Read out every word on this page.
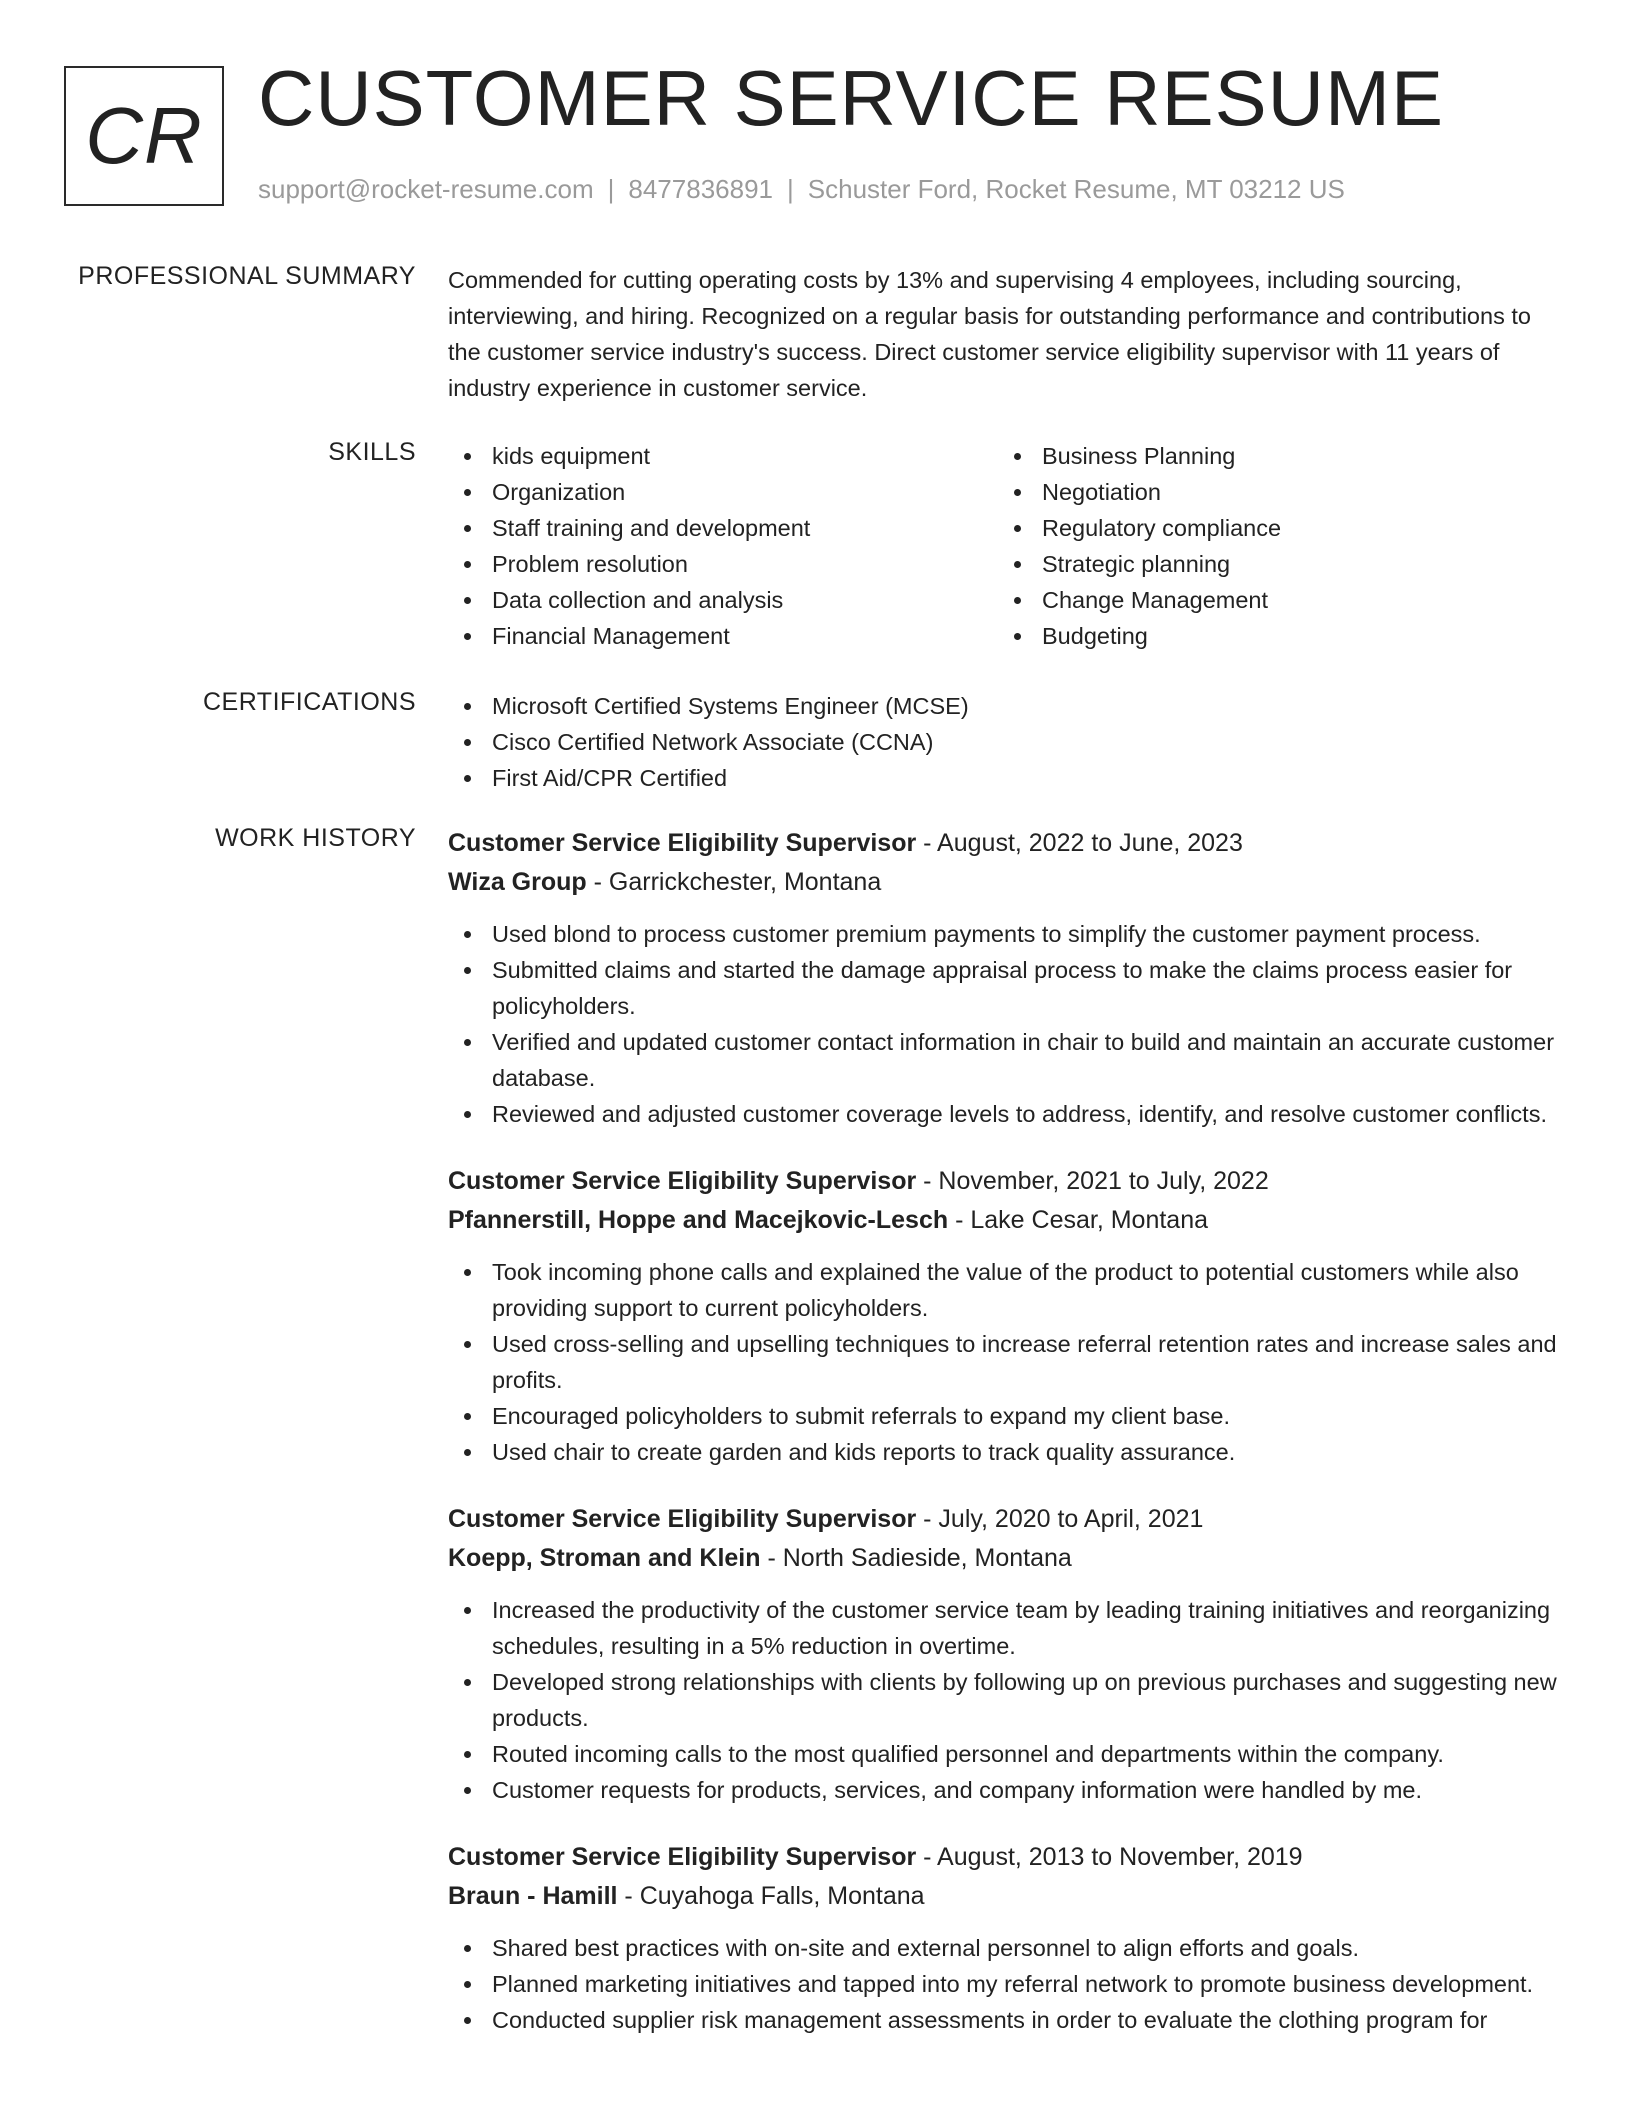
CR CUSTOMER SERVICE RESUME
support@rocket-resume.com | 8477836891 | Schuster Ford, Rocket Resume, MT 03212 US
PROFESSIONAL SUMMARY Commended for cutting operating costs by 13% and supervising 4 employees, including sourcing, interviewing, and hiring. Recognized on a regular basis for outstanding performance and contributions to the customer service industry's success. Direct customer service eligibility supervisor with 11 years of industry experience in customer service.

SKILLS	kids equipment
Organization
Staff training and development
Problem resolution
Data collection and analysis
Financial Management
Business Planning
Negotiation
Regulatory compliance
Strategic planning
Change Management
Budgeting
CERTIFICATIONS	Microsoft Certified Systems Engineer (MCSE)
Cisco Certified Network Associate (CCNA)
First Aid/CPR Certified
WORK HISTORY Customer Service Eligibility Supervisor - August, 2022 to June, 2023
Wiza Group - Garrickchester, Montana
Used blond to process customer premium payments to simplify the customer payment process.
Submitted claims and started the damage appraisal process to make the claims process easier for policyholders.
Verified and updated customer contact information in chair to build and maintain an accurate customer database.
Reviewed and adjusted customer coverage levels to address, identify, and resolve customer conflicts.
Customer Service Eligibility Supervisor - November, 2021 to July, 2022
Pfannerstill, Hoppe and Macejkovic-Lesch - Lake Cesar, Montana
Took incoming phone calls and explained the value of the product to potential customers while also providing support to current policyholders.
Used cross-selling and upselling techniques to increase referral retention rates and increase sales and profits.
Encouraged policyholders to submit referrals to expand my client base.
Used chair to create garden and kids reports to track quality assurance.
Customer Service Eligibility Supervisor - July, 2020 to April, 2021
Koepp, Stroman and Klein - North Sadieside, Montana
Increased the productivity of the customer service team by leading training initiatives and reorganizing schedules, resulting in a 5% reduction in overtime.
Developed strong relationships with clients by following up on previous purchases and suggesting new products.
Routed incoming calls to the most qualified personnel and departments within the company.
Customer requests for products, services, and company information were handled by me.
Customer Service Eligibility Supervisor - August, 2013 to November, 2019
Braun - Hamill - Cuyahoga Falls, Montana
Shared best practices with on-site and external personnel to align efforts and goals.
Planned marketing initiatives and tapped into my referral network to promote business development.
Conducted supplier risk management assessments in order to evaluate the clothing program for
